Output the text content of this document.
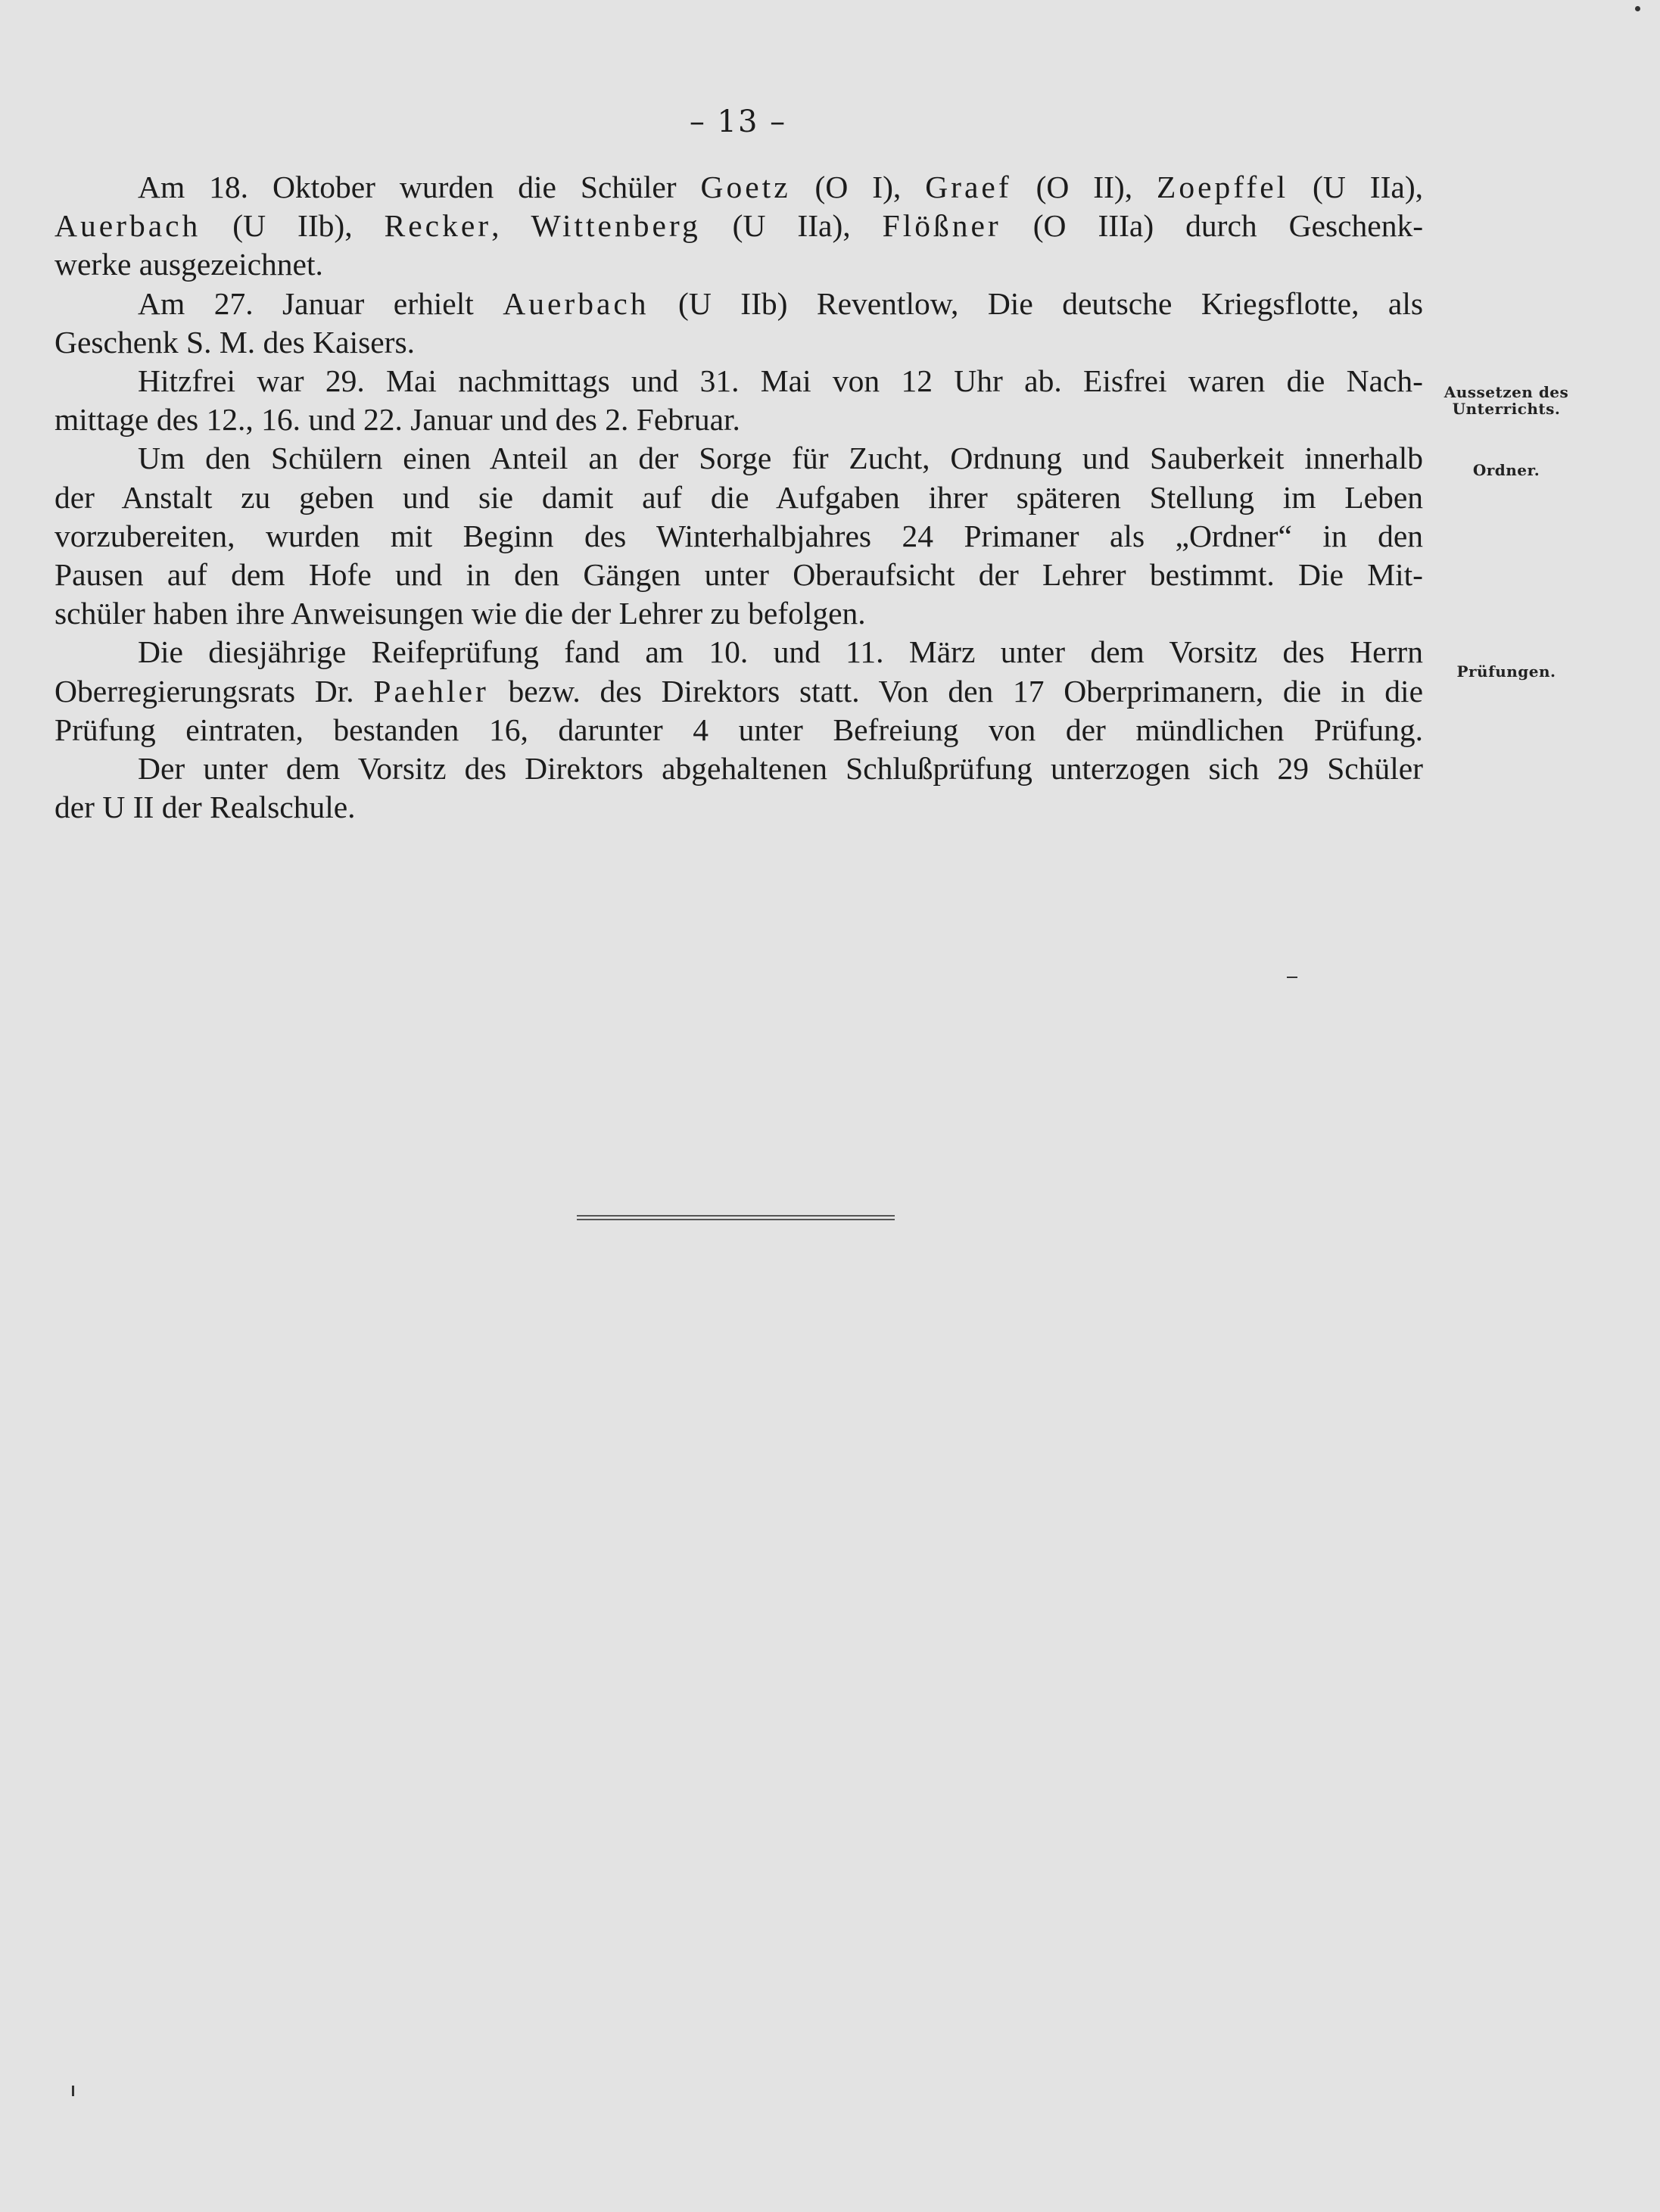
– 13 –

Am 18. Oktober wurden die Schüler Goetz (O I), Graef (O II), Zoepffel (U IIa),
Auerbach (U IIb), Recker, Wittenberg (U IIa), Flößner (O IIIa) durch Geschenk-
werke ausgezeichnet.

Am 27. Januar erhielt Auerbach (U IIb) Reventlow, Die deutsche Kriegsflotte, als
Geschenk S. M. des Kaisers.

Hitzfrei war 29. Mai nachmittags und 31. Mai von 12 Uhr ab. Eisfrei waren die Nach-
mittage des 12., 16. und 22. Januar und des 2. Februar.

Um den Schülern einen Anteil an der Sorge für Zucht, Ordnung und Sauberkeit innerhalb
der Anstalt zu geben und sie damit auf die Aufgaben ihrer späteren Stellung im Leben
vorzubereiten, wurden mit Beginn des Winterhalbjahres 24 Primaner als „Ordner“ in den
Pausen auf dem Hofe und in den Gängen unter Oberaufsicht der Lehrer bestimmt. Die Mit-
schüler haben ihre Anweisungen wie die der Lehrer zu befolgen.

Die diesjährige Reifeprüfung fand am 10. und 11. März unter dem Vorsitz des Herrn
Oberregierungsrats Dr. Paehler bezw. des Direktors statt. Von den 17 Oberprimanern, die in die
Prüfung eintraten, bestanden 16, darunter 4 unter Befreiung von der mündlichen Prüfung.

Der unter dem Vorsitz des Direktors abgehaltenen Schlußprüfung unterzogen sich 29 Schüler
der U II der Realschule.

Aussetzen des
Unterrichts.
Ordner.
Prüfungen.
